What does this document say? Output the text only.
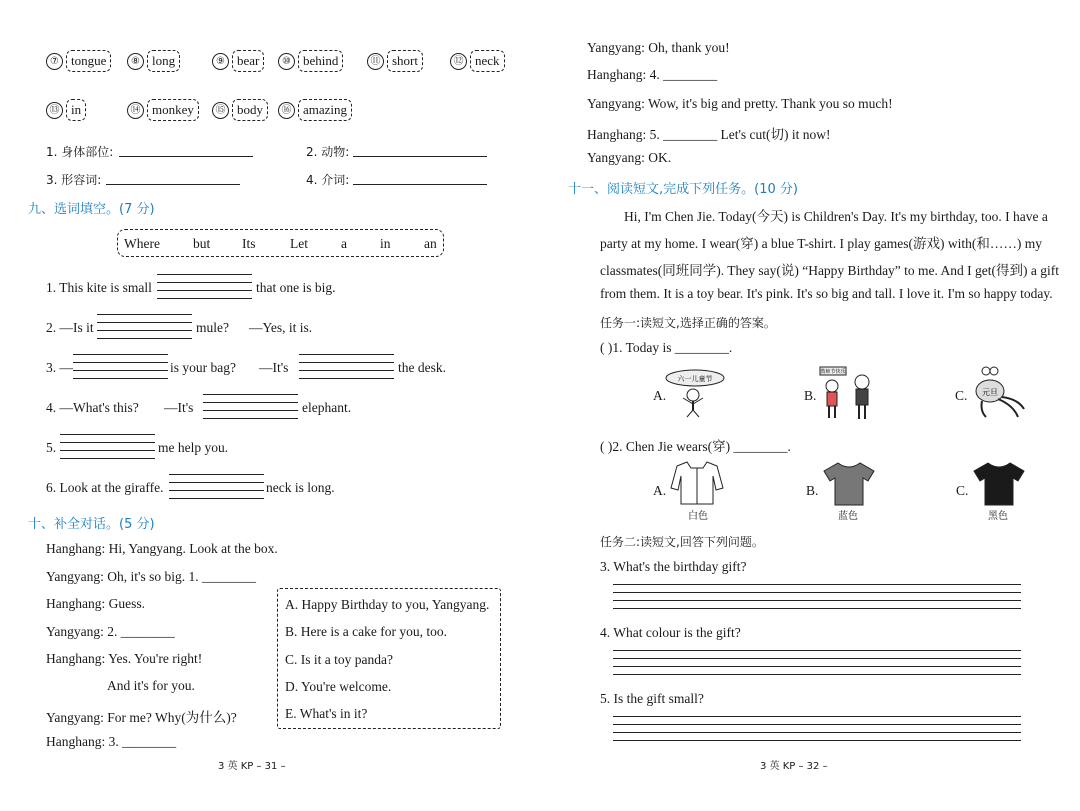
⑦ tongue	⑧ long	⑨ bear	⑩ behind	⑪ short	⑫ neck
⑬ in	⑭ monkey	⑮ body	⑯ amazing
1. 身体部位:	2. 动物:
3. 形容词:	4. 介词:
九、选词填空。(7 分)
Where but Its	Let a in an
1. This kite is small	that one is big.
2. —Is it	mule? —Yes, it is.
3. —	is your bag? —It's	the desk.
4. —What's this? —It's	elephant.
5.	me help you.
6. Look at the giraffe.	neck is long.
十、补全对话。(5 分)
Hanghang: Hi, Yangyang. Look at the box.
Yangyang: Oh, it's so big. 1. ________
Hanghang: Guess.
Yangyang: 2. ________
Hanghang: Yes. You're right!
And it's for you.
Yangyang: For me? Why(为什么)?
Hanghang: 3. ________
A. Happy Birthday to you, Yangyang.
B. Here is a cake for you, too.
C. Is it a toy panda?
D. You're welcome.
E. What's in it?
3 英 KP – 31 –
Yangyang: Oh, thank you!
Hanghang: 4. ________
Yangyang: Wow, it's big and pretty. Thank you so much!
Hanghang: 5. ________ Let's cut(切) it now!
Yangyang: OK.
十一、阅读短文,完成下列任务。(10 分)
Hi, I'm Chen Jie. Today(今天) is Children's Day. It's my birthday, too. I have a
party at my home. I wear(穿) a blue T-shirt. I play games(游戏) with(和……) my
classmates(同班同学). They say(说) “Happy Birthday” to me. And I get(得到) a gift
from them. It is a toy bear. It's pink. It's so big and tall. I love it. I'm so happy today.
任务一:读短文,选择正确的答案。
( )1. Today is ________.
A.
六一儿童节
B.
教师节快乐
C. 元旦
( )2. Chen Jie wears(穿) ________.
A.
白色
B.
蓝色
C.
黑色
任务二:读短文,回答下列问题。
3. What's the birthday gift?
4. What colour is the gift?
5. Is the gift small?
3 英 KP – 32 –
